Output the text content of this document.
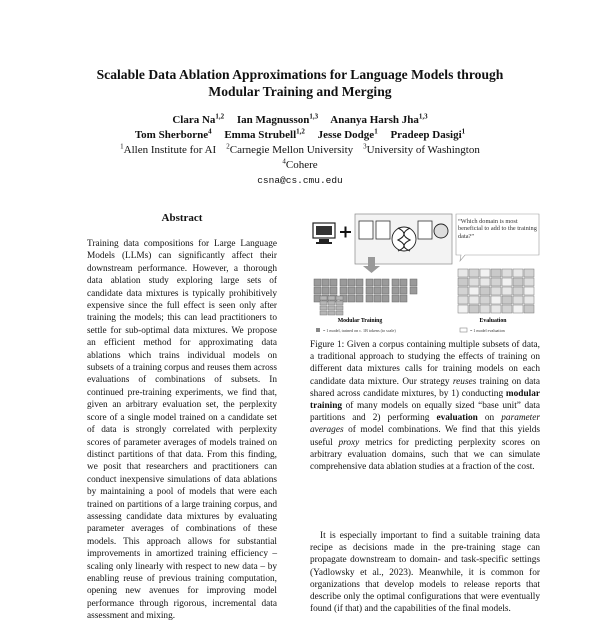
Scalable Data Ablation Approximations for Language Models through
Modular Training and Merging
Clara Na$^{1,2}$ Ian Magnusson$^{1,3}$ Ananya Harsh Jha$^{1,3}$
Tom Sherborne$^4$ Emma Strubell$^{1,2}$ Jesse Dodge$^1$ Pradeep Dasigi$^1$
$^1$Allen Institute for AI $^2$Carnegie Mellon University $^3$University of Washington
$^4$Cohere
csna@cs.cmu.edu
Abstract
Training data compositions for Large Language Models (LLMs) can significantly affect their downstream performance. However, a thorough data ablation study exploring large sets of candidate data mixtures is typically prohibitively expensive since the full effect is seen only after training the models; this can lead practitioners to settle for sub-optimal data mixtures. We propose an efficient method for approximating data ablations which trains individual models on subsets of a training corpus and reuses them across evaluations of combinations of subsets. In continued pre-training experiments, we find that, given an arbitrary evaluation set, the perplexity score of a single model trained on a candidate set of data is strongly correlated with perplexity scores of parameter averages of models trained on distinct partitions of that data. From this finding, we posit that researchers and practitioners can conduct inexpensive simulations of data ablations by maintaining a pool of models that were each trained on partitions of a large training corpus, and assessing candidate data mixtures by evaluating parameter averages of combinations of these models. This approach allows for substantial improvements in amortized training efficiency – scaling only linearly with respect to new data – by enabling reuse of previous training computation, opening new avenues for improving model performance through rigorous, incremental data assessment and mixing.
“Which domain is most beneficial to add to the training data?”
Modular Training	Evaluation
= 1 model, trained on c. 1B tokens (to scale)	= 1 model evaluation
Figure 1: Given a corpus containing multiple subsets of data, a traditional approach to studying the effects of training on different data mixtures calls for training models on each candidate data mixture. Our strategy reuses training on data shared across candidate mixtures, by 1) conducting modular training of many models on equally sized “base unit” data partitions and 2) performing evaluation on parameter averages of model combinations. We find that this yields useful proxy metrics for predicting perplexity scores on arbitrary evaluation domains, such that we can simulate comprehensive data ablation studies at a fraction of the cost.
It is especially important to find a suitable training data recipe as decisions made in the pre-training stage can propagate downstream to domain- and task-specific settings (Yadlowsky et al., 2023). Meanwhile, it is common for organizations that develop models to release reports that describe only the optimal configurations that were eventually found (if that) and the capabilities of the final models.
